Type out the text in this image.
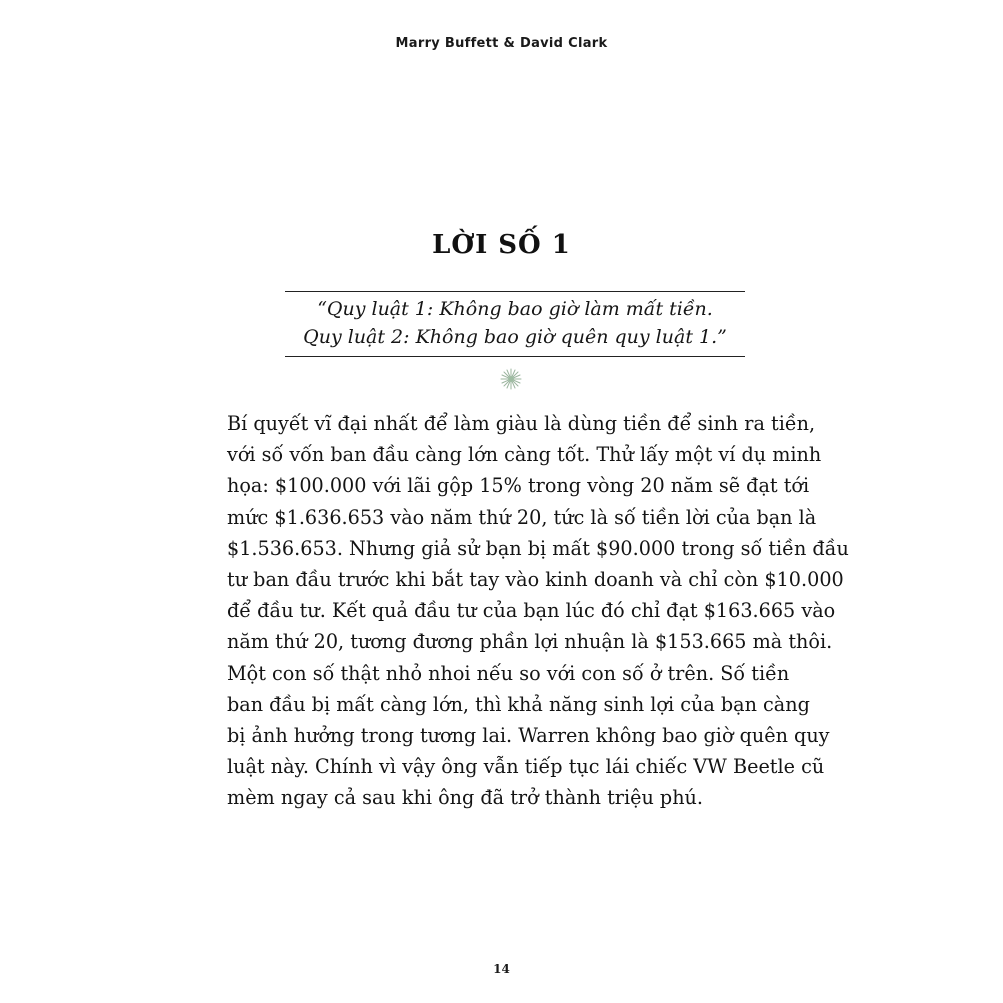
Marry Buffett & David Clark
LỜI SỐ 1
“Quy luật 1: Không bao giờ làm mất tiền.
Quy luật 2: Không bao giờ quên quy luật 1.”
Bí quyết vĩ đại nhất để làm giàu là dùng tiền để sinh ra tiền,
với số vốn ban đầu càng lớn càng tốt. Thử lấy một ví dụ minh
họa: $100.000 với lãi gộp 15% trong vòng 20 năm sẽ đạt tới
mức $1.636.653 vào năm thứ 20, tức là số tiền lời của bạn là
$1.536.653. Nhưng giả sử bạn bị mất $90.000 trong số tiền đầu
tư ban đầu trước khi bắt tay vào kinh doanh và chỉ còn $10.000
để đầu tư. Kết quả đầu tư của bạn lúc đó chỉ đạt $163.665 vào
năm thứ 20, tương đương phần lợi nhuận là $153.665 mà thôi.
Một con số thật nhỏ nhoi nếu so với con số ở trên. Số tiền
ban đầu bị mất càng lớn, thì khả năng sinh lợi của bạn càng
bị ảnh hưởng trong tương lai. Warren không bao giờ quên quy
luật này. Chính vì vậy ông vẫn tiếp tục lái chiếc VW Beetle cũ
mèm ngay cả sau khi ông đã trở thành triệu phú.
14
